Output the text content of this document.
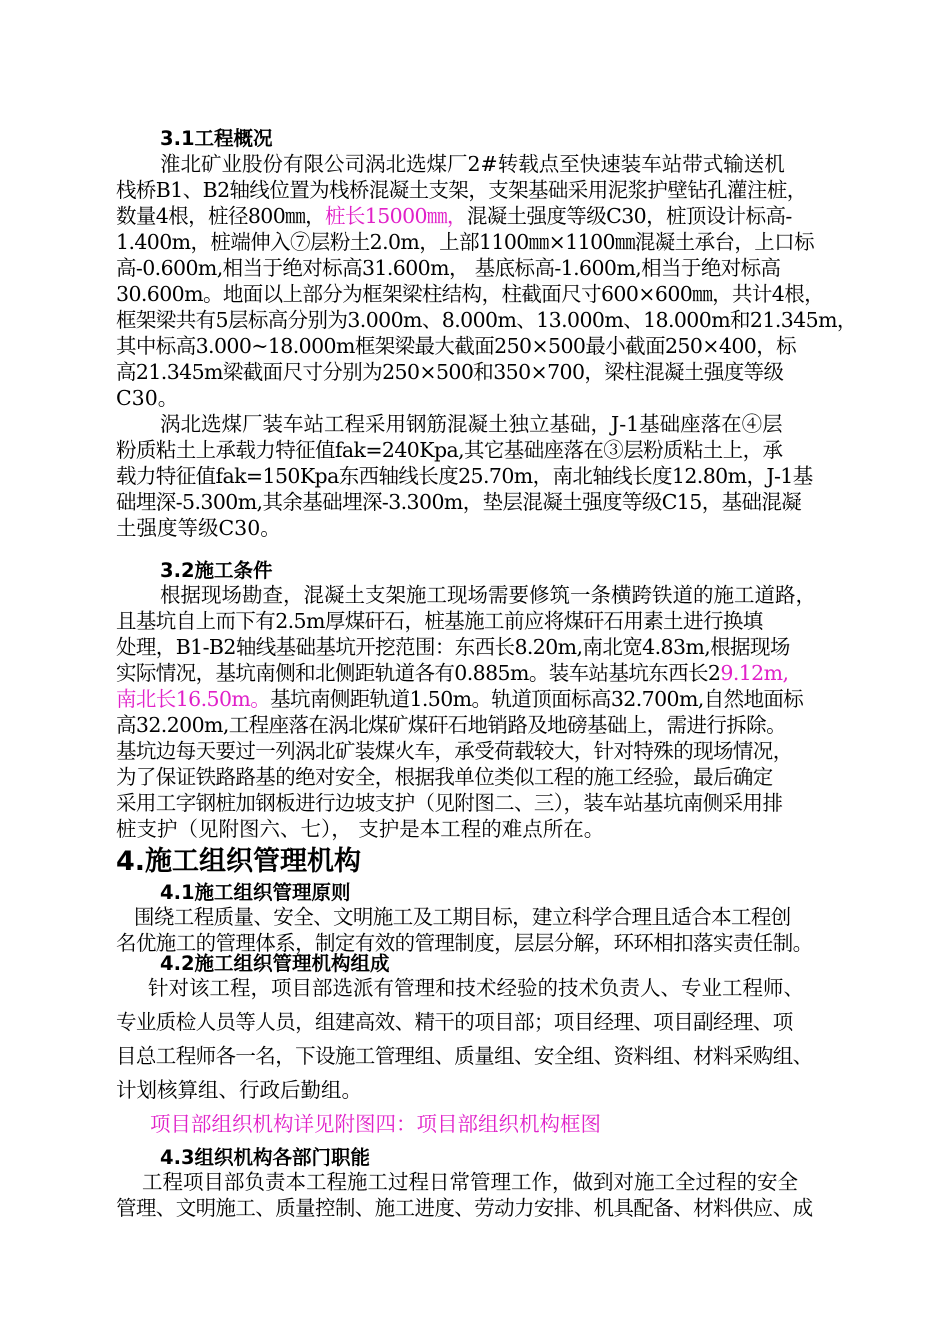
3.1工程概况
淮北矿业股份有限公司涡北选煤厂2#转载点至快速装车站带式输送机
栈桥B1、B2轴线位置为栈桥混凝土支架，支架基础采用泥浆护壁钻孔灌注桩，
数量4根，桩径800㎜，桩长15000㎜，混凝土强度等级C30，桩顶设计标高-
1.400m，桩端伸入⑦层粉土2.0m，上部1100㎜×1100㎜混凝土承台，上口标
高-0.600m,相当于绝对标高31.600m， 基底标高-1.600m,相当于绝对标高
30.600m。地面以上部分为框架梁柱结构，柱截面尺寸600×600㎜，共计4根，
框架梁共有5层标高分别为3.000m、8.000m、13.000m、18.000m和21.345m，
其中标高3.000~18.000m框架梁最大截面250×500最小截面250×400，标
高21.345m梁截面尺寸分别为250×500和350×700，梁柱混凝土强度等级
C30。
涡北选煤厂装车站工程采用钢筋混凝土独立基础，J-1基础座落在④层
粉质粘土上承载力特征值fak=240Kpa,其它基础座落在③层粉质粘土上，承
载力特征值fak=150Kpa东西轴线长度25.70m，南北轴线长度12.80m，J-1基
础埋深-5.300m,其余基础埋深-3.300m，垫层混凝土强度等级C15，基础混凝
土强度等级C30。
3.2施工条件
根据现场勘查，混凝土支架施工现场需要修筑一条横跨铁道的施工道路，
且基坑自上而下有2.5m厚煤矸石，桩基施工前应将煤矸石用素土进行换填
处理，B1-B2轴线基础基坑开挖范围：东西长8.20m,南北宽4.83m,根据现场
实际情况，基坑南侧和北侧距轨道各有0.885m。装车站基坑东西长29.12m,
南北长16.50m。基坑南侧距轨道1.50m。轨道顶面标高32.700m,自然地面标
高32.200m,工程座落在涡北煤矿煤矸石地销路及地磅基础上，需进行拆除。
基坑边每天要过一列涡北矿装煤火车，承受荷载较大，针对特殊的现场情况，
为了保证铁路路基的绝对安全，根据我单位类似工程的施工经验，最后确定
采用工字钢桩加钢板进行边坡支护（见附图二、三），装车站基坑南侧采用排
桩支护（见附图六、七）， 支护是本工程的难点所在。
4.施工组织管理机构
4.1施工组织管理原则
围绕工程质量、安全、文明施工及工期目标，建立科学合理且适合本工程创
名优施工的管理体系，制定有效的管理制度，层层分解，环环相扣落实责任制。
4.2施工组织管理机构组成
针对该工程，项目部选派有管理和技术经验的技术负责人、专业工程师、
专业质检人员等人员，组建高效、精干的项目部；项目经理、项目副经理、项
目总工程师各一名，下设施工管理组、质量组、安全组、资料组、材料采购组、
计划核算组、行政后勤组。
项目部组织机构详见附图四：项目部组织机构框图
4.3组织机构各部门职能
工程项目部负责本工程施工过程日常管理工作，做到对施工全过程的安全
管理、文明施工、质量控制、施工进度、劳动力安排、机具配备、材料供应、成
